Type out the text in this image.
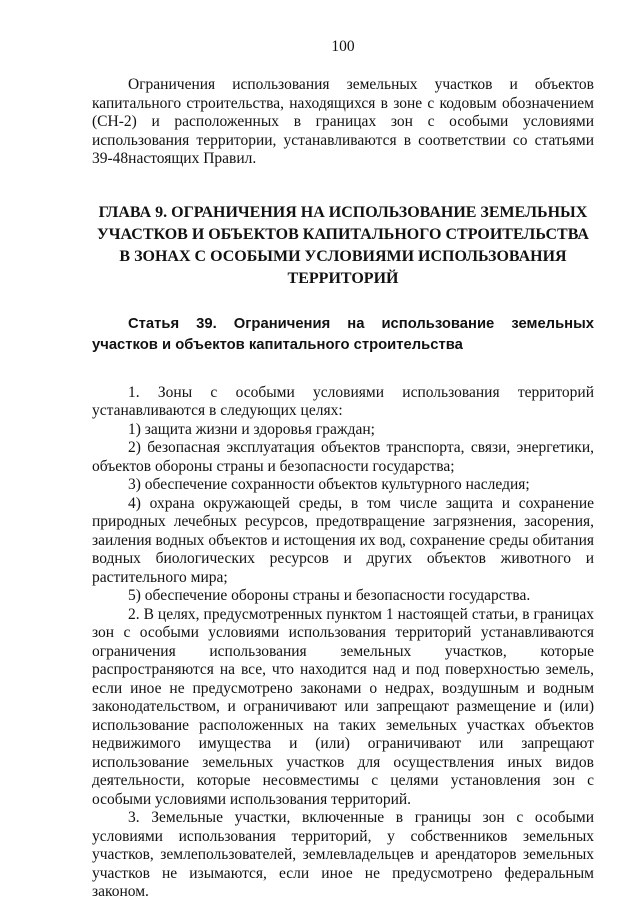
100

Ограничения использования земельных участков и объектов капитального строительства, находящихся в зоне с кодовым обозначением (СН-2) и расположенных в границах зон с особыми условиями использования территории, устанавливаются в соответствии со статьями 39-48настоящих Правил.

ГЛАВА 9. ОГРАНИЧЕНИЯ НА ИСПОЛЬЗОВАНИЕ ЗЕМЕЛЬНЫХ УЧАСТКОВ И ОБЪЕКТОВ КАПИТАЛЬНОГО СТРОИТЕЛЬСТВА В ЗОНАХ С ОСОБЫМИ УСЛОВИЯМИ ИСПОЛЬЗОВАНИЯ ТЕРРИТОРИЙ
Статья 39. Ограничения на использование земельных участков и объектов капитального строительства

1. Зоны с особыми условиями использования территорий устанавливаются в следующих целях:

1) защита жизни и здоровья граждан;

2) безопасная эксплуатация объектов транспорта, связи, энергетики, объектов обороны страны и безопасности государства;

3) обеспечение сохранности объектов культурного наследия;

4) охрана окружающей среды, в том числе защита и сохранение природных лечебных ресурсов, предотвращение загрязнения, засорения, заиления водных объектов и истощения их вод, сохранение среды обитания водных биологических ресурсов и других объектов животного и растительного мира;

5) обеспечение обороны страны и безопасности государства.

2. В целях, предусмотренных пунктом 1 настоящей статьи, в границах зон с особыми условиями использования территорий устанавливаются ограничения использования земельных участков, которые распространяются на все, что находится над и под поверхностью земель, если иное не предусмотрено законами о недрах, воздушным и водным законодательством, и ограничивают или запрещают размещение и (или) использование расположенных на таких земельных участках объектов недвижимого имущества и (или) ограничивают или запрещают использование земельных участков для осуществления иных видов деятельности, которые несовместимы с целями установления зон с особыми условиями использования территорий.

3. Земельные участки, включенные в границы зон с особыми условиями использования территорий, у собственников земельных участков, землепользователей, землевладельцев и арендаторов земельных участков не изымаются, если иное не предусмотрено федеральным законом.
